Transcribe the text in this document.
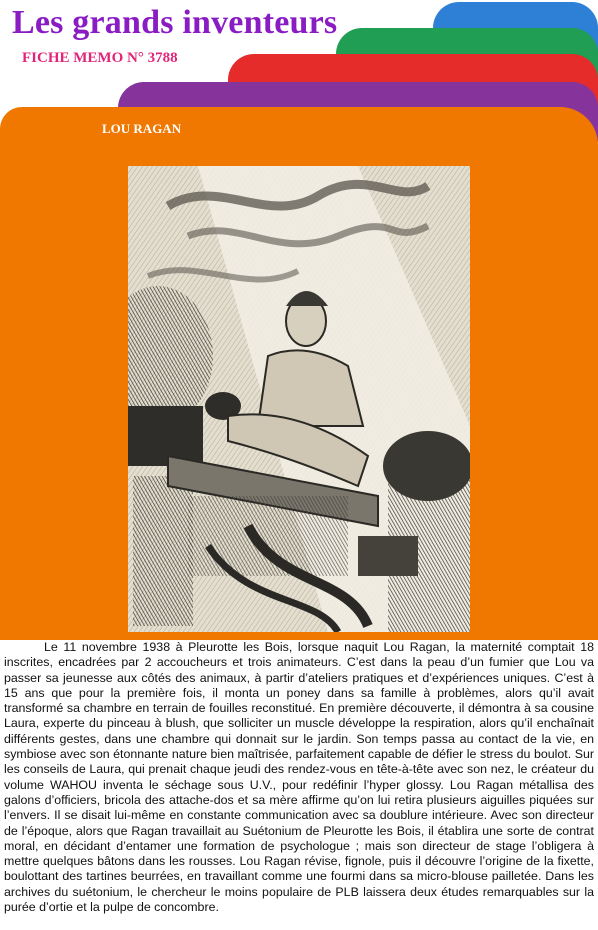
Les grands inventeurs
FICHE MEMO N° 3788
LOU RAGAN

Le 11 novembre 1938 à Pleurotte les Bois, lorsque naquit Lou Ragan, la maternité comptait 18 inscrites, encadrées par 2 accoucheurs et trois animateurs. C’est dans la peau d’un fumier que Lou va passer sa jeunesse aux côtés des animaux, à partir d’ateliers pratiques et d’expériences uniques. C’est à 15 ans que pour la première fois, il monta un poney dans sa famille à problèmes, alors qu’il avait transformé sa chambre en terrain de fouilles reconstitué. En première découverte, il démontra à sa cousine Laura, experte du pinceau à blush, que solliciter un muscle développe la respiration, alors qu’il enchaînait différents gestes, dans une chambre qui donnait sur le jardin. Son temps passa au contact de la vie, en symbiose avec son étonnante nature bien maîtrisée, parfaitement capable de défier le stress du boulot. Sur les conseils de Laura, qui prenait chaque jeudi des rendez-vous en tête-à-tête avec son nez, le créateur du volume WAHOU inventa le séchage sous U.V., pour redéfinir l’hyper glossy. Lou Ragan métallisa des galons d’officiers, bricola des attache-dos et sa mère affirme qu’on lui retira plusieurs aiguilles piquées sur l’envers. Il se disait lui-même en constante communication avec sa doublure intérieure. Avec son directeur de l’époque, alors que Ragan travaillait au Suétonium de Pleurotte les Bois, il établira une sorte de contrat moral, en décidant d’entamer une formation de psychologue ; mais son directeur de stage l’obligera à mettre quelques bâtons dans les rousses. Lou Ragan révise, fignole, puis il découvre l’origine de la fixette, boulottant des tartines beurrées, en travaillant comme une fourmi dans sa micro-blouse pailletée. Dans les archives du suétonium, le chercheur le moins populaire de PLB laissera deux études remarquables sur la purée d’ortie et la pulpe de concombre.
